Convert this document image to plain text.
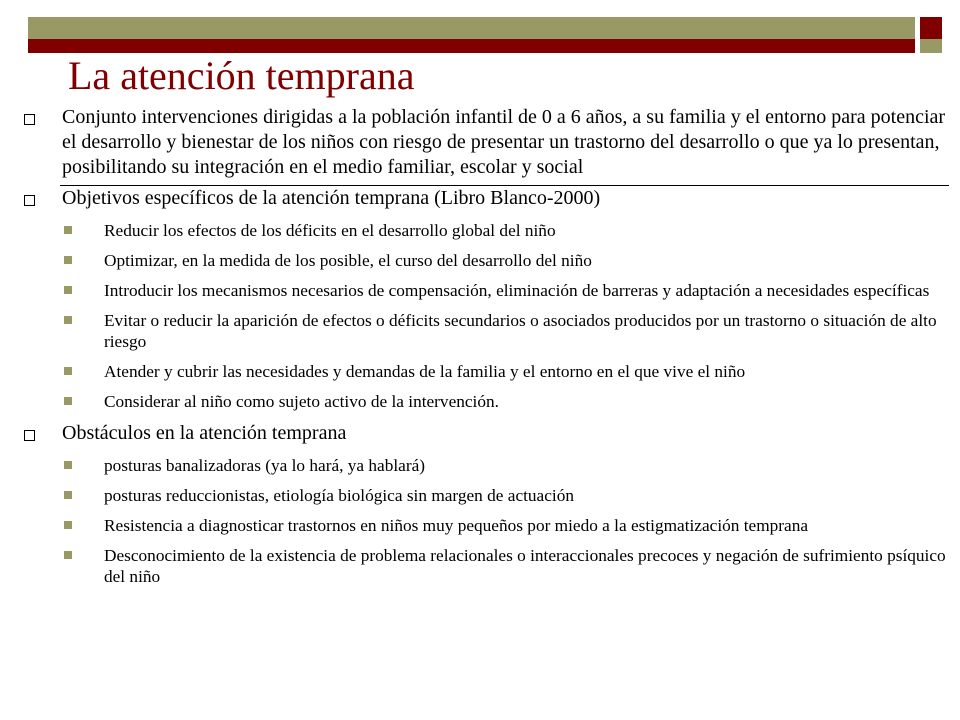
La atención temprana
Conjunto intervenciones dirigidas a la población infantil de 0 a 6 años, a su familia y el entorno para potenciar el desarrollo y bienestar de los niños con riesgo de presentar un trastorno del desarrollo o que ya lo presentan, posibilitando su integración en el medio familiar, escolar y social
Objetivos específicos de la atención temprana (Libro Blanco-2000)
Reducir los efectos de los déficits en el desarrollo global del niño
Optimizar, en la medida de los posible, el curso del desarrollo del niño
Introducir los mecanismos necesarios de compensación, eliminación de barreras y adaptación a necesidades específicas
Evitar o reducir la aparición de efectos o déficits secundarios o asociados producidos por un trastorno o situación de alto riesgo
Atender y cubrir las necesidades y demandas de la familia y el entorno en el que vive el niño
Considerar al niño como sujeto activo de la intervención.
Obstáculos en la atención temprana
posturas banalizadoras (ya lo hará, ya hablará)
posturas reduccionistas, etiología biológica sin margen de actuación
Resistencia a diagnosticar trastornos en niños muy pequeños por miedo a la estigmatización temprana
Desconocimiento de la existencia de problema relacionales o interaccionales precoces y negación de sufrimiento psíquico del niño
